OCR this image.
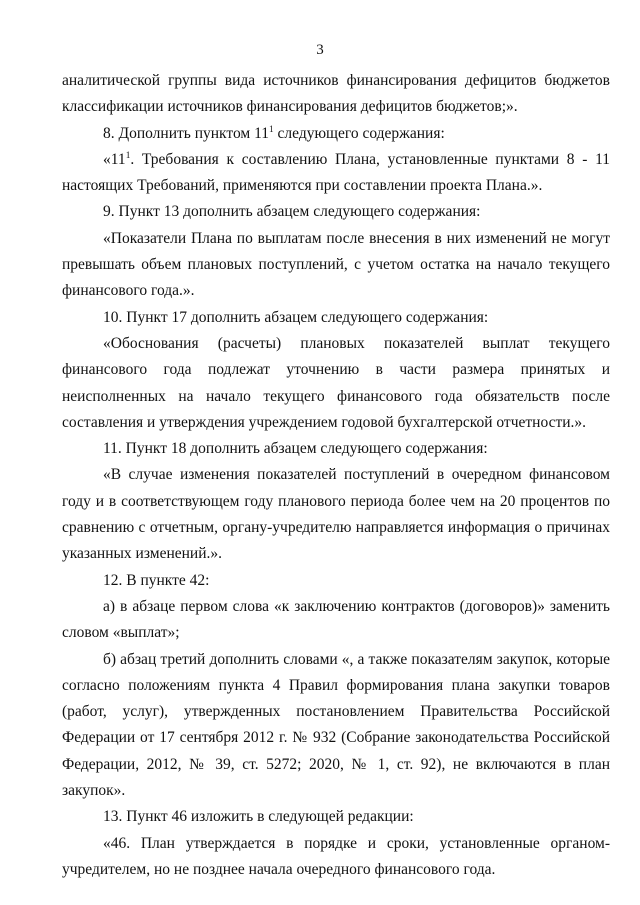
3

аналитической группы вида источников финансирования дефицитов бюджетов классификации источников финансирования дефицитов бюджетов;».

8. Дополнить пунктом $11^1$ следующего содержания:

«$11^1$. Требования к составлению Плана, установленные пунктами 8 - 11 настоящих Требований, применяются при составлении проекта Плана.».

9. Пункт 13 дополнить абзацем следующего содержания:

«Показатели Плана по выплатам после внесения в них изменений не могут превышать объем плановых поступлений, с учетом остатка на начало текущего финансового года.».

10. Пункт 17 дополнить абзацем следующего содержания:

«Обоснования (расчеты) плановых показателей выплат текущего финансового года подлежат уточнению в части размера принятых и неисполненных на начало текущего финансового года обязательств после составления и утверждения учреждением годовой бухгалтерской отчетности.».

11. Пункт 18 дополнить абзацем следующего содержания:

«В случае изменения показателей поступлений в очередном финансовом году и в соответствующем году планового периода более чем на 20 процентов по сравнению с отчетным, органу-учредителю направляется информация о причинах указанных изменений.».

12. В пункте 42:

а) в абзаце первом слова «к заключению контрактов (договоров)» заменить словом «выплат»;

б) абзац третий дополнить словами «, а также показателям закупок, которые согласно положениям пункта 4 Правил формирования плана закупки товаров (работ, услуг), утвержденных постановлением Правительства Российской Федерации от 17 сентября 2012 г. № 932 (Собрание законодательства Российской Федерации, 2012, № 39, ст. 5272; 2020, № 1, ст. 92), не включаются в план закупок».

13. Пункт 46 изложить в следующей редакции:

«46. План утверждается в порядке и сроки, установленные органом-учредителем, но не позднее начала очередного финансового года.
